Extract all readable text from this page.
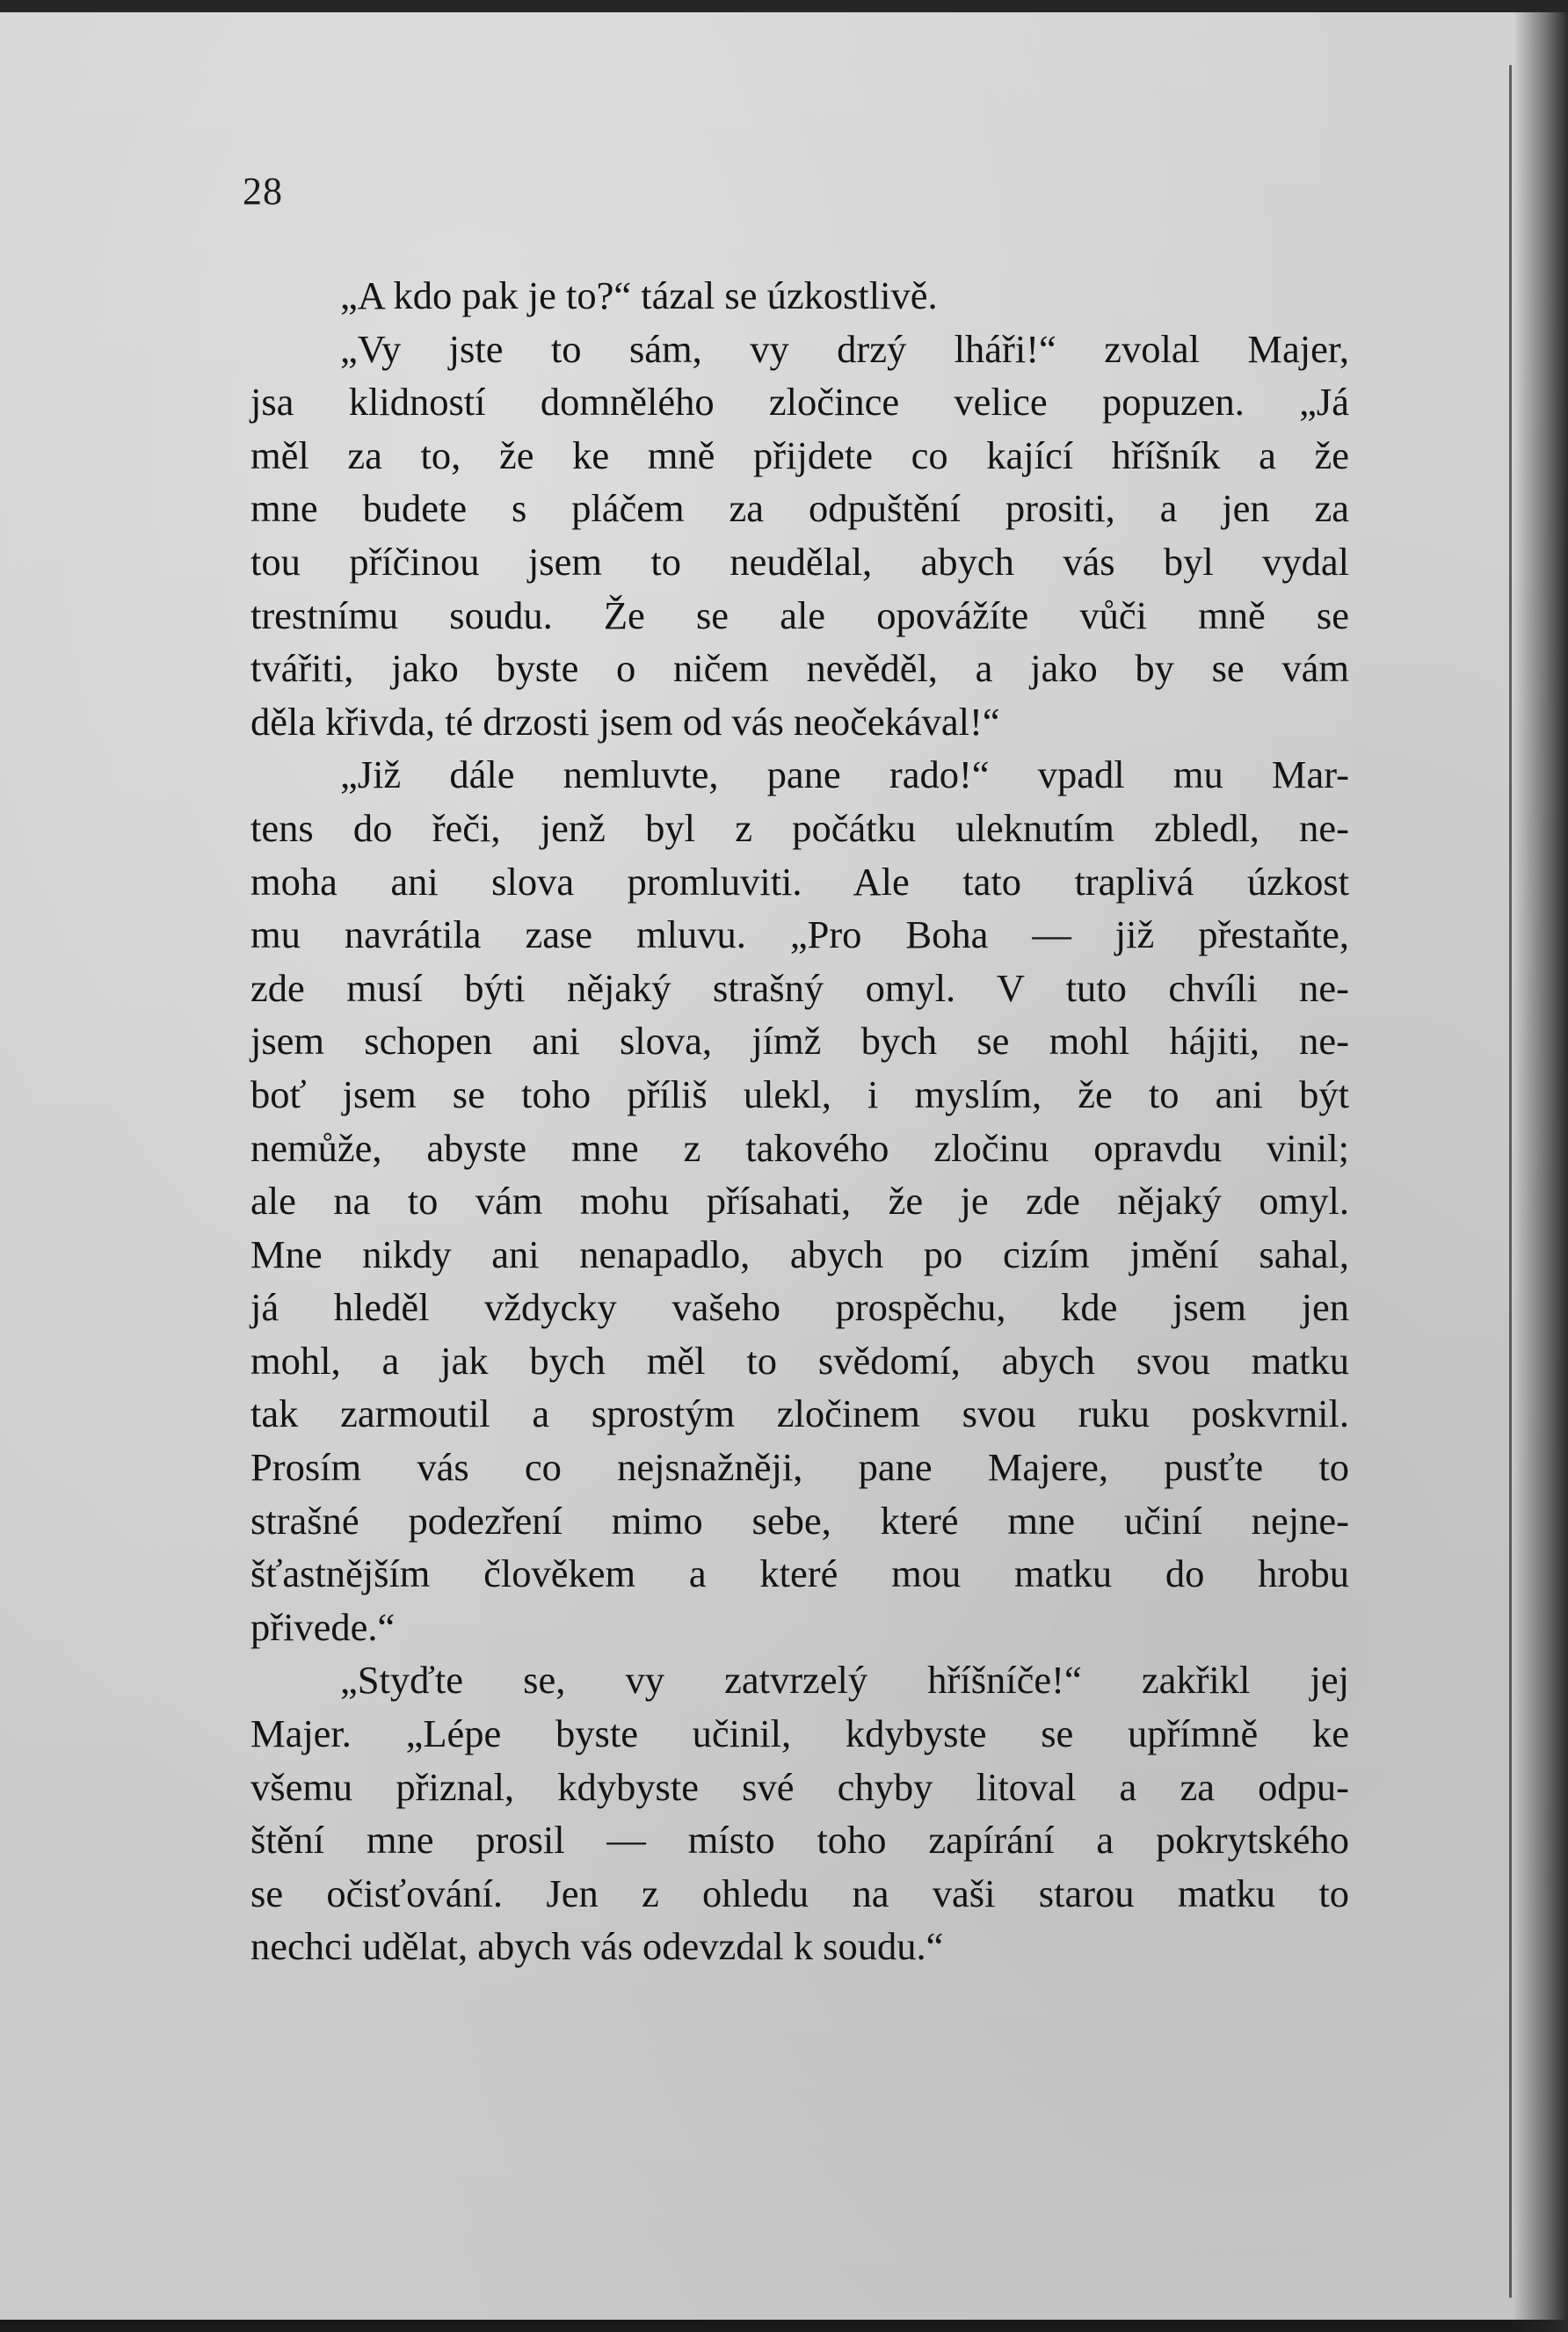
28
„A kdo pak je to?“ tázal se úzkostlivě.
„Vy jste to sám, vy drzý lháři!“ zvolal Majer,
jsa klidností domnělého zločince velice popuzen. „Já
měl za to, že ke mně přijdete co kající hříšník a že
mne budete s pláčem za odpuštění prositi, a jen za
tou příčinou jsem to neudělal, abych vás byl vydal
trestnímu soudu. Že se ale opovážíte vůči mně se
tvářiti, jako byste o ničem nevěděl, a jako by se vám
děla křivda, té drzosti jsem od vás neočekával!“
„Již dále nemluvte, pane rado!“ vpadl mu Mar-
tens do řeči, jenž byl z počátku uleknutím zbledl, ne-
moha ani slova promluviti. Ale tato traplivá úzkost
mu navrátila zase mluvu. „Pro Boha — již přestaňte,
zde musí býti nějaký strašný omyl. V tuto chvíli ne-
jsem schopen ani slova, jímž bych se mohl hájiti, ne-
boť jsem se toho příliš ulekl, i myslím, že to ani být
nemůže, abyste mne z takového zločinu opravdu vinil;
ale na to vám mohu přísahati, že je zde nějaký omyl.
Mne nikdy ani nenapadlo, abych po cizím jmění sahal,
já hleděl vždycky vašeho prospěchu, kde jsem jen
mohl, a jak bych měl to svědomí, abych svou matku
tak zarmoutil a sprostým zločinem svou ruku poskvrnil.
Prosím vás co nejsnažněji, pane Majere, pusťte to
strašné podezření mimo sebe, které mne učiní nejne-
šťastnějším člověkem a které mou matku do hrobu
přivede.“
„Styďte se, vy zatvrzelý hříšníče!“ zakřikl jej
Majer. „Lépe byste učinil, kdybyste se upřímně ke
všemu přiznal, kdybyste své chyby litoval a za odpu-
štění mne prosil — místo toho zapírání a pokrytského
se očisťování. Jen z ohledu na vaši starou matku to
nechci udělat, abych vás odevzdal k soudu.“
